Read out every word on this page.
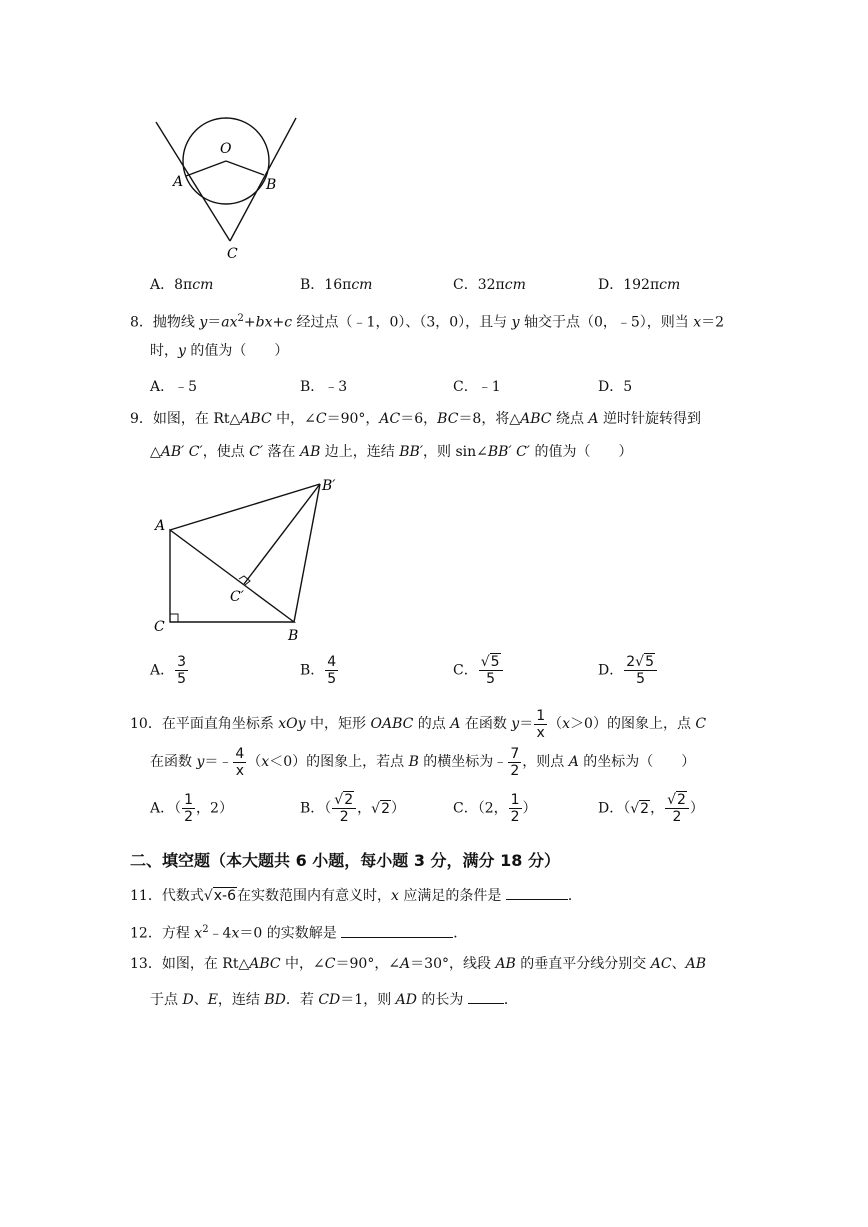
O
A	B
C
A．8πcm	B．16πcm	C．32πcm	D．192πcm
8．抛物线 $y=ax^2+bx+c$ 经过点（﹣1，0）、（3，0），且与 y 轴交于点（0，﹣5），则当 x＝2
时，y 的值为（　　）
A．﹣5	B．﹣3	C．﹣1	D．5
9．如图，在 Rt△ABC 中，∠C＝90°，AC＝6，BC＝8，将△ABC 绕点 A 逆时针旋转得到
△AB′ C′，使点 C′ 落在 AB 边上，连结 BB′，则 sin∠BB′ C′ 的值为（　　）
A
C
B
B′
C′
A． $\frac{3}{5}$	B． $\frac{4}{5}$	C． $\frac{√5}{5}$	D． $\frac{2√5}{5}$
10．在平面直角坐标系 xOy 中，矩形 OABC 的点 A 在函数 $y= \frac{1}{x} (x>0)$的图象上，点 C
在函数 y＝﹣ $\frac{4}{x} (x<0)$的图象上，若点 B 的横坐标为﹣ $\frac{7}{2}$ ，则点 A 的坐标为（　　）
A．（ $\frac{1}{2}$ ，2）	B．（ $\frac{√2}{2}$ ，√2）	C．（2， $\frac{1}{2}$ ）	D．（√2， $\frac{√2}{2}$ ）
二、填空题（本大题共 6 小题，每小题 3 分，满分 18 分）
11．代数式√x-6在实数范围内有意义时，x 应满足的条件是	．
12．方程 $x^2﹣4x=0$ 的实数解是	．
13．如图，在 Rt△ABC 中，∠C＝90°，∠A＝30°，线段 AB 的垂直平分线分别交 AC、AB
于点 D、E，连结 BD．若 CD＝1，则 AD 的长为	．
